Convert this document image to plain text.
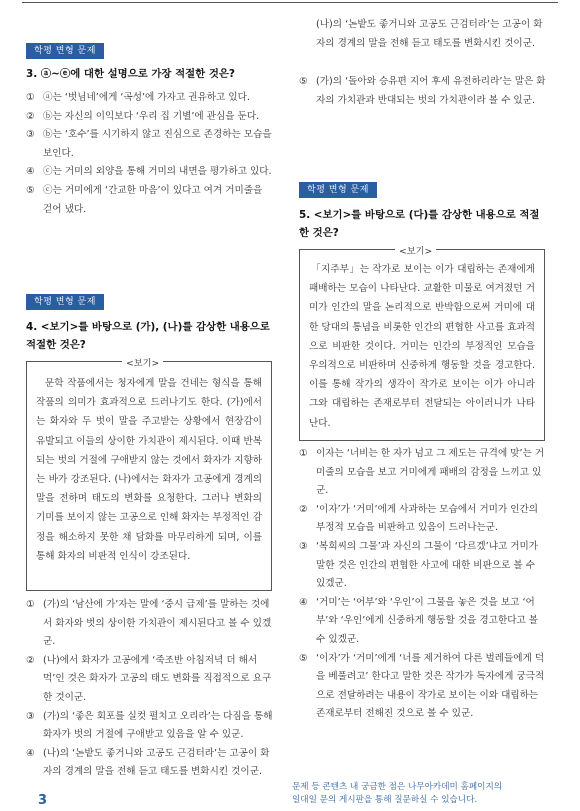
학평 변형 문제
3. ⓐ~ⓔ에 대한 설명으로 가장 적절한 것은?
① ⓐ는 ‘벗님네’에게 ‘곡성’에 가자고 권유하고 있다.
② ⓑ는 자신의 이익보다 ‘우리 집 기별’에 관심을 둔다.
③ ⓑ는 ‘호수’를 시기하지 않고 진심으로 존경하는 모습을 보인다.
④ ⓒ는 거미의 외양을 통해 거미의 내면을 평가하고 있다.
⑤ ⓒ는 거미에게 ‘간교한 마음’이 있다고 여겨 거미줄을 걷어 냈다.
학평 변형 문제
4. <보기>를 바탕으로 (가), (나)를 감상한 내용으로 적절한 것은?
<보기>
문학 작품에서는 청자에게 말을 건네는 형식을 통해 작품의 의미가 효과적으로 드러나기도 한다. (가)에서는 화자와 두 벗이 말을 주고받는 상황에서 현장감이 유발되고 이들의 상이한 가치관이 제시된다. 이때 반복되는 벗의 거절에 구애받지 않는 것에서 화자가 지향하는 바가 강조된다. (나)에서는 화자가 고공에게 경계의 말을 전하며 태도의 변화를 요청한다. 그러나 변화의 기미를 보이지 않는 고공으로 인해 화자는 부정적인 감정을 해소하지 못한 채 담화를 마무리하게 되며, 이를 통해 화자의 비판적 인식이 강조된다.
① (가)의 ‘남산에 가’자는 말에 ‘중시 급제’를 말하는 것에서 화자와 벗의 상이한 가치관이 제시된다고 볼 수 있겠군.
② (나)에서 화자가 고공에게 ‘죽조반 아침저녁 더 해서 먹’인 것은 화자가 고공의 태도 변화를 직접적으로 요구한 것이군.
③ (가)의 ‘좋은 회포를 실컷 펼치고 오리라’는 다짐을 통해 화자가 벗의 거절에 구애받고 있음을 알 수 있군.
④ (나)의 ‘논밭도 좋거니와 고공도 근검터라’는 고공이 화자의 경계의 말을 전해 듣고 태도를 변화시킨 것이군.
(나)의 ‘논밭도 좋거니와 고공도 근검터라’는 고공이 화자의 경계의 말을 전해 듣고 태도를 변화시킨 것이군.
⑤ (가)의 ‘돌아와 승유편 지어 후세 유전하리라’는 말은 화자의 가치관과 반대되는 벗의 가치관이라 볼 수 있군.
학평 변형 문제
5. <보기>를 바탕으로 (다)를 감상한 내용으로 적절한 것은?
<보기>
「지주부」는 작가로 보이는 이가 대립하는 존재에게 패배하는 모습이 나타난다. 교활한 미물로 여겨졌던 거미가 인간의 말을 논리적으로 반박함으로써 거미에 대한 당대의 통념을 비롯한 인간의 편협한 사고를 효과적으로 비판한 것이다. 거미는 인간의 부정적인 모습을 우의적으로 비판하며 신중하게 행동할 것을 경고한다. 이를 통해 작가의 생각이 작가로 보이는 이가 아니라 그와 대립하는 존재로부터 전달되는 아이러니가 나타난다.
① 이자는 ‘너비는 한 자가 넘고 그 제도는 규격에 맞’는 거미줄의 모습을 보고 거미에게 패배의 감정을 느끼고 있군.
② ‘이자’가 ‘거미’에게 사과하는 모습에서 거미가 인간의 부정적 모습을 비판하고 있음이 드러나는군.
③ ‘복희씨의 그물’과 자신의 그물이 ‘다르겠’냐고 거미가 말한 것은 인간의 편협한 사고에 대한 비판으로 볼 수 있겠군.
④ ‘거미’는 ‘어부’와 ‘우인’이 그물을 놓은 것을 보고 ‘어부’와 ‘우인’에게 신중하게 행동할 것을 경고한다고 볼 수 있겠군.
⑤ ‘이자’가 ‘거미’에게 ‘너를 제거하여 다른 벌레들에게 덕을 베풀려고’ 한다고 말한 것은 작가가 독자에게 궁극적으로 전달하려는 내용이 작가로 보이는 이와 대립하는 존재로부터 전해진 것으로 볼 수 있군.
3
문제 등 콘텐츠 내 궁금한 점은 나무아카데미 홈페이지의
일대일 문의 게시판을 통해 질문하실 수 있습니다.
